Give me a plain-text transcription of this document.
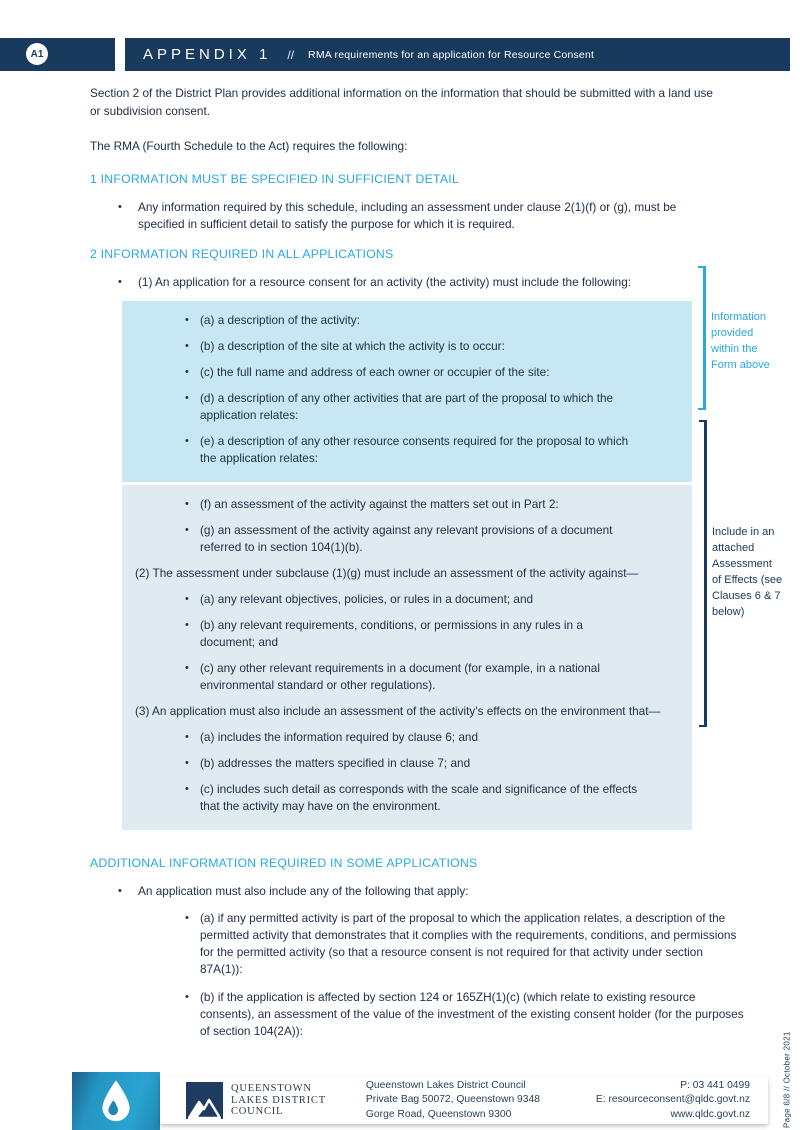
A1	APPENDIX 1 // RMA requirements for an application for Resource Consent

Section 2 of the District Plan provides additional information on the information that should be submitted with a land use or subdivision consent.

The RMA (Fourth Schedule to the Act) requires the following:

1 INFORMATION MUST BE SPECIFIED IN SUFFICIENT DETAIL
•	Any information required by this schedule, including an assessment under clause 2(1)(f) or (g), must be specified in sufficient detail to satisfy the purpose for which it is required.
2 INFORMATION REQUIRED IN ALL APPLICATIONS
•	(1) An application for a resource consent for an activity (the activity) must include the following:
• (a) a description of the activity:
• (b) a description of the site at which the activity is to occur:
• (c) the full name and address of each owner or occupier of the site:
• (d) a description of any other activities that are part of the proposal to which the application relates:
• (e) a description of any other resource consents required for the proposal to which the application relates:
• (f) an assessment of the activity against the matters set out in Part 2:
• (g) an assessment of the activity against any relevant provisions of a document referred to in section 104(1)(b).
(2) The assessment under subclause (1)(g) must include an assessment of the activity against—
• (a) any relevant objectives, policies, or rules in a document; and
• (b) any relevant requirements, conditions, or permissions in any rules in a document; and
• (c) any other relevant requirements in a document (for example, in a national environmental standard or other regulations).
(3) An application must also include an assessment of the activity's effects on the environment that—
• (a) includes the information required by clause 6; and
• (b) addresses the matters specified in clause 7; and
• (c) includes such detail as corresponds with the scale and significance of the effects that the activity may have on the environment.
ADDITIONAL INFORMATION REQUIRED IN SOME APPLICATIONS
•	An application must also include any of the following that apply:
• (a) if any permitted activity is part of the proposal to which the application relates, a description of the permitted activity that demonstrates that it complies with the requirements, conditions, and permissions for the permitted activity (so that a resource consent is not required for that activity under section 87A(1)):
• (b) if the application is affected by section 124 or 165ZH(1)(c) (which relate to existing resource consents), an assessment of the value of the investment of the existing consent holder (for the purposes of section 104(2A)):
Information provided within the Form above
Include in an attached Assessment of Effects (see Clauses 6 & 7 below)
QUEENSTOWN
LAKES DISTRICT
COUNCIL
Queenstown Lakes District Council
Private Bag 50072, Queenstown 9348
Gorge Road, Queenstown 9300
P: 03 441 0499
E: resourceconsent@qldc.govt.nz
www.qldc.govt.nz	Page 6/8 // October 2021
